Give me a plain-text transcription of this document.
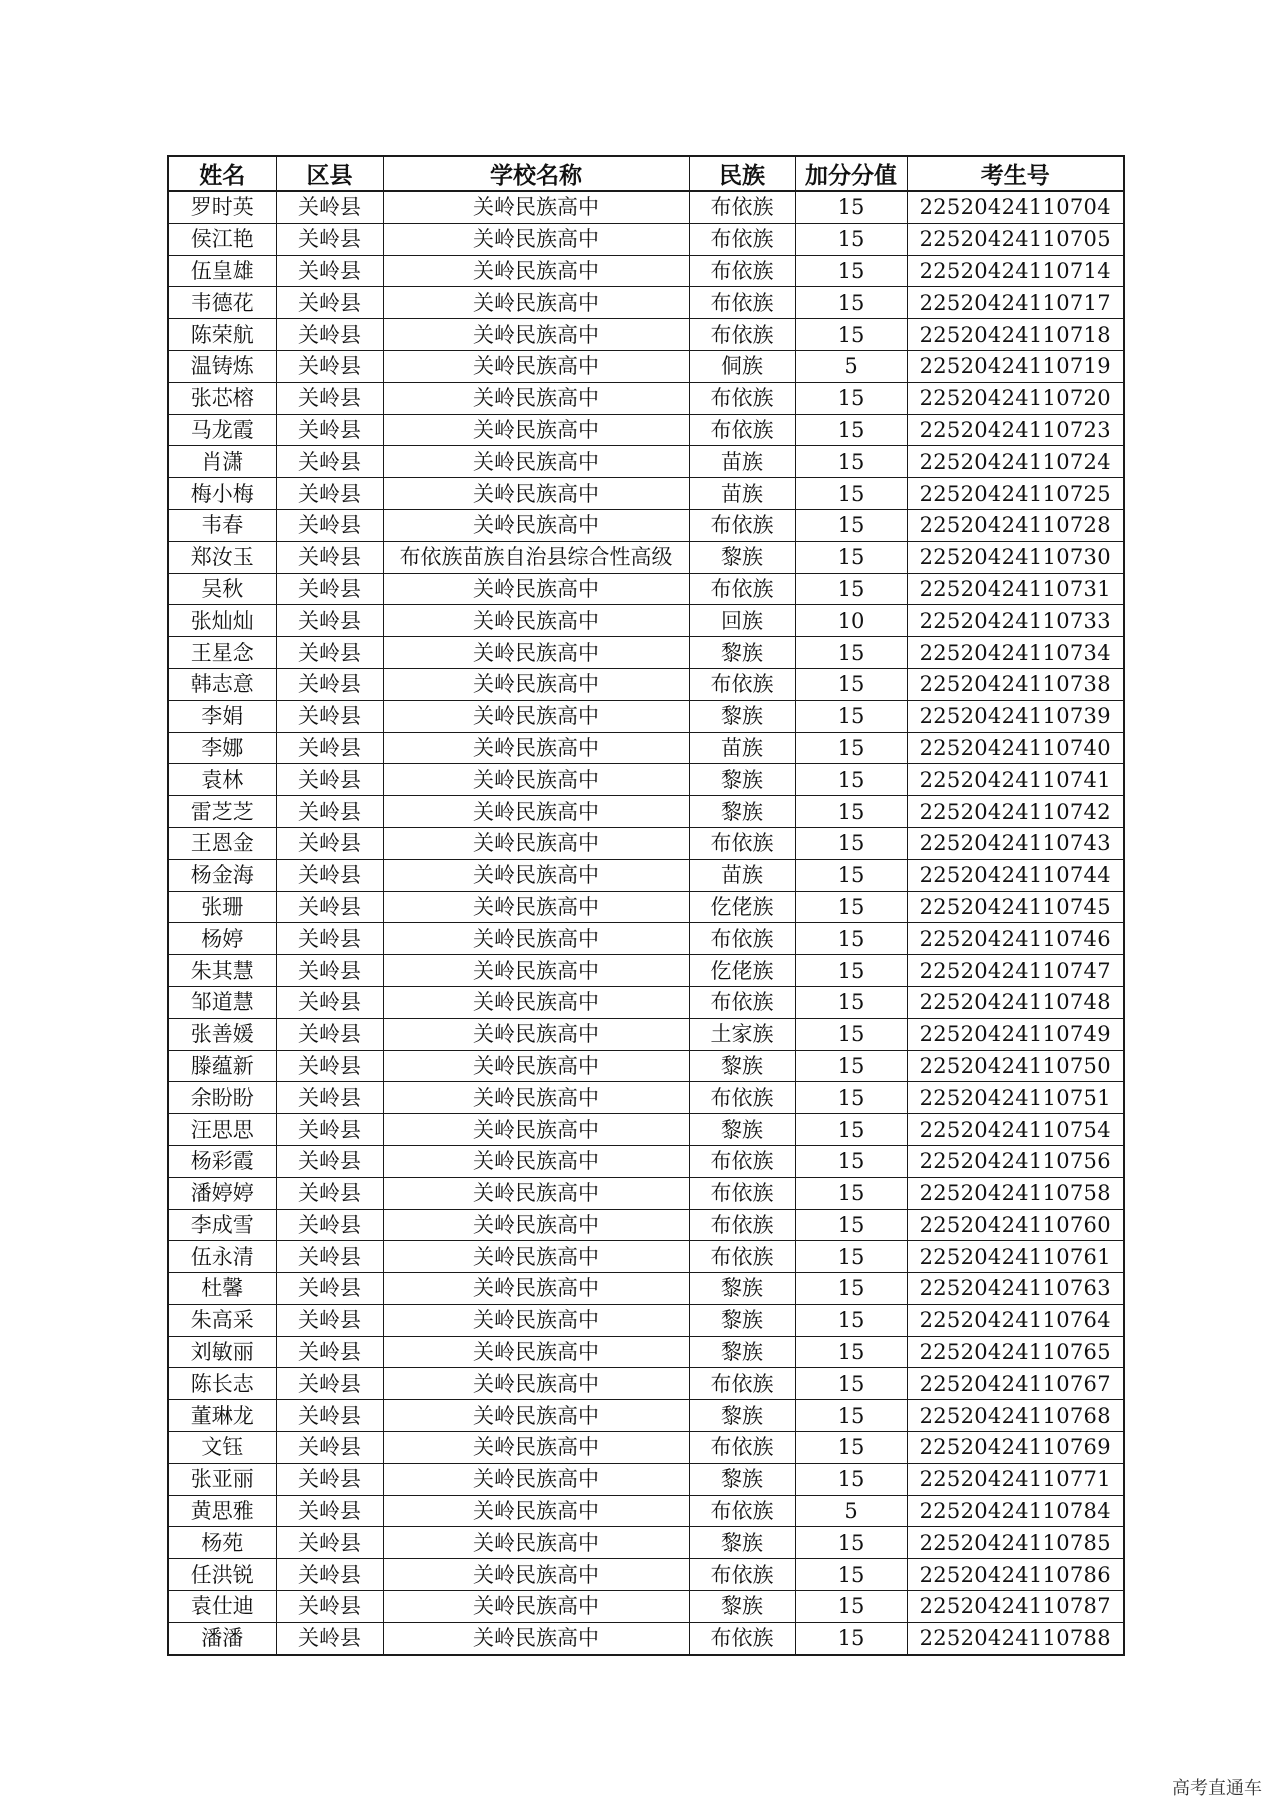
姓名	区县	学校名称	民族	加分分值	考生号
罗时英	关岭县	关岭民族高中	布依族	15	22520424110704
侯江艳	关岭县	关岭民族高中	布依族	15	22520424110705
伍皇雄	关岭县	关岭民族高中	布依族	15	22520424110714
韦德花	关岭县	关岭民族高中	布依族	15	22520424110717
陈荣航	关岭县	关岭民族高中	布依族	15	22520424110718
温铸炼	关岭县	关岭民族高中	侗族	5	22520424110719
张芯榕	关岭县	关岭民族高中	布依族	15	22520424110720
马龙霞	关岭县	关岭民族高中	布依族	15	22520424110723
肖潇	关岭县	关岭民族高中	苗族	15	22520424110724
梅小梅	关岭县	关岭民族高中	苗族	15	22520424110725
韦春	关岭县	关岭民族高中	布依族	15	22520424110728
郑汝玉	关岭县	布依族苗族自治县综合性高级	黎族	15	22520424110730
吴秋	关岭县	关岭民族高中	布依族	15	22520424110731
张灿灿	关岭县	关岭民族高中	回族	10	22520424110733
王星念	关岭县	关岭民族高中	黎族	15	22520424110734
韩志意	关岭县	关岭民族高中	布依族	15	22520424110738
李娟	关岭县	关岭民族高中	黎族	15	22520424110739
李娜	关岭县	关岭民族高中	苗族	15	22520424110740
袁林	关岭县	关岭民族高中	黎族	15	22520424110741
雷芝芝	关岭县	关岭民族高中	黎族	15	22520424110742
王恩金	关岭县	关岭民族高中	布依族	15	22520424110743
杨金海	关岭县	关岭民族高中	苗族	15	22520424110744
张珊	关岭县	关岭民族高中	仡佬族	15	22520424110745
杨婷	关岭县	关岭民族高中	布依族	15	22520424110746
朱其慧	关岭县	关岭民族高中	仡佬族	15	22520424110747
邹道慧	关岭县	关岭民族高中	布依族	15	22520424110748
张善媛	关岭县	关岭民族高中	土家族	15	22520424110749
滕蕴新	关岭县	关岭民族高中	黎族	15	22520424110750
余盼盼	关岭县	关岭民族高中	布依族	15	22520424110751
汪思思	关岭县	关岭民族高中	黎族	15	22520424110754
杨彩霞	关岭县	关岭民族高中	布依族	15	22520424110756
潘婷婷	关岭县	关岭民族高中	布依族	15	22520424110758
李成雪	关岭县	关岭民族高中	布依族	15	22520424110760
伍永清	关岭县	关岭民族高中	布依族	15	22520424110761
杜馨	关岭县	关岭民族高中	黎族	15	22520424110763
朱高采	关岭县	关岭民族高中	黎族	15	22520424110764
刘敏丽	关岭县	关岭民族高中	黎族	15	22520424110765
陈长志	关岭县	关岭民族高中	布依族	15	22520424110767
董琳龙	关岭县	关岭民族高中	黎族	15	22520424110768
文钰	关岭县	关岭民族高中	布依族	15	22520424110769
张亚丽	关岭县	关岭民族高中	黎族	15	22520424110771
黄思雅	关岭县	关岭民族高中	布依族	5	22520424110784
杨苑	关岭县	关岭民族高中	黎族	15	22520424110785
任洪锐	关岭县	关岭民族高中	布依族	15	22520424110786
袁仕迪	关岭县	关岭民族高中	黎族	15	22520424110787
潘潘	关岭县	关岭民族高中	布依族	15	22520424110788
高考直通车
